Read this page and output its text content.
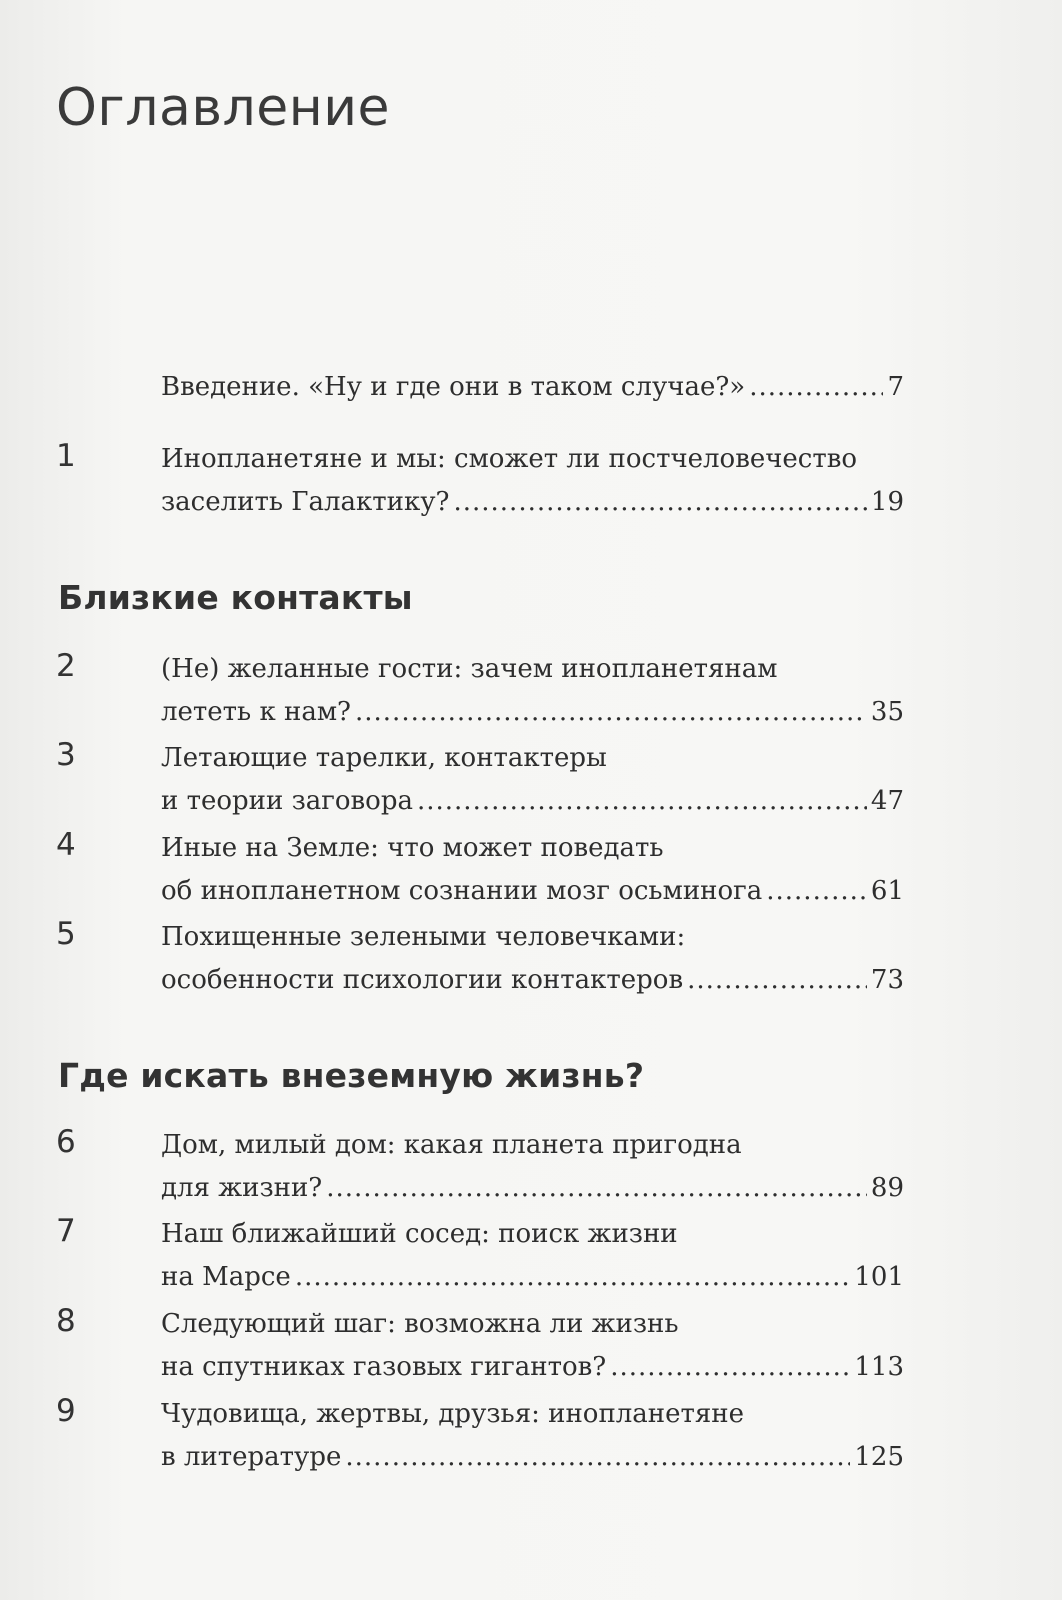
Оглавление
Введение. «Ну и где они в таком случае?» .....	7
1	Инопланетяне и мы: сможет ли постчеловечество
заселить Галактику? .....	19
Близкие контакты
2	(Не) желанные гости: зачем инопланетянам
лететь к нам? .....	35
3	Летающие тарелки, контактеры
и теории заговора .....	47
4	Иные на Земле: что может поведать
об инопланетном сознании мозг осьминога .....	61
5	Похищенные зелеными человечками:
особенности психологии контактеров .....	73
Где искать внеземную жизнь?
6	Дом, милый дом: какая планета пригодна
для жизни? .....	89
7	Наш ближайший сосед: поиск жизни
на Марсе .....	101
8	Следующий шаг: возможна ли жизнь
на спутниках газовых гигантов? .....	113
9	Чудовища, жертвы, друзья: инопланетяне
в литературе .....	125
